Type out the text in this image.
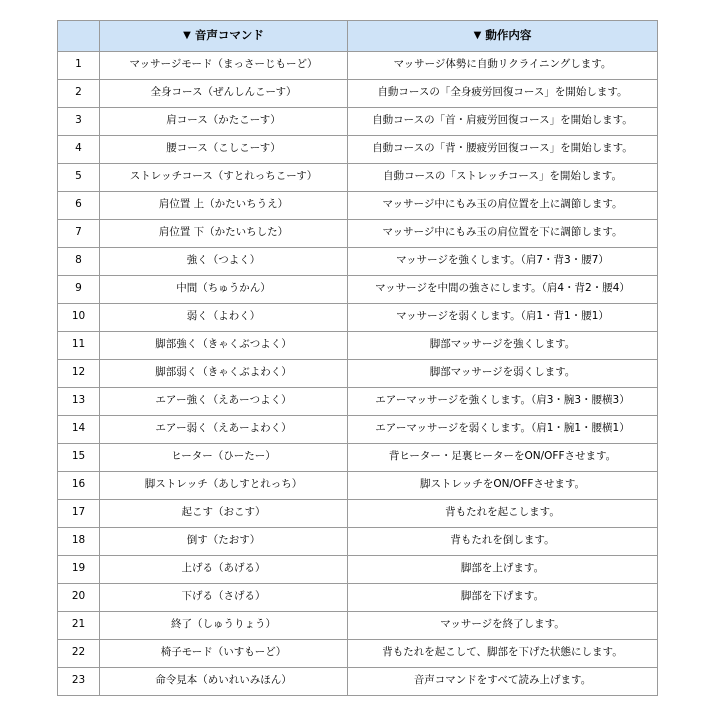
	▼ 音声コマンド	▼ 動作内容
1	マッサージモード（まっさーじもーど）	マッサージ体勢に自動リクライニングします。
2	全身コース（ぜんしんこーす）	自動コースの「全身疲労回復コース」を開始します。
3	肩コース（かたこーす）	自動コースの「首・肩疲労回復コース」を開始します。
4	腰コース（こしこーす）	自動コースの「背・腰疲労回復コース」を開始します。
5	ストレッチコース（すとれっちこーす）	自動コースの「ストレッチコース」を開始します。
6	肩位置 上（かたいちうえ）	マッサージ中にもみ玉の肩位置を上に調節します。
7	肩位置 下（かたいちした）	マッサージ中にもみ玉の肩位置を下に調節します。
8	強く（つよく）	マッサージを強くします。（肩7・背3・腰7）
9	中間（ちゅうかん）	マッサージを中間の強さにします。（肩4・背2・腰4）
10	弱く（よわく）	マッサージを弱くします。（肩1・背1・腰1）
11	脚部強く（きゃくぶつよく）	脚部マッサージを強くします。
12	脚部弱く（きゃくぶよわく）	脚部マッサージを弱くします。
13	エアー強く（えあーつよく）	エアーマッサージを強くします。（肩3・腕3・腰横3）
14	エアー弱く（えあーよわく）	エアーマッサージを弱くします。（肩1・腕1・腰横1）
15	ヒーター（ひーたー）	背ヒーター・足裏ヒーターをON/OFFさせます。
16	脚ストレッチ（あしすとれっち）	脚ストレッチをON/OFFさせます。
17	起こす（おこす）	背もたれを起こします。
18	倒す（たおす）	背もたれを倒します。
19	上げる（あげる）	脚部を上げます。
20	下げる（さげる）	脚部を下げます。
21	終了（しゅうりょう）	マッサージを終了します。
22	椅子モード（いすもーど）	背もたれを起こして、脚部を下げた状態にします。
23	命令見本（めいれいみほん）	音声コマンドをすべて読み上げます。
